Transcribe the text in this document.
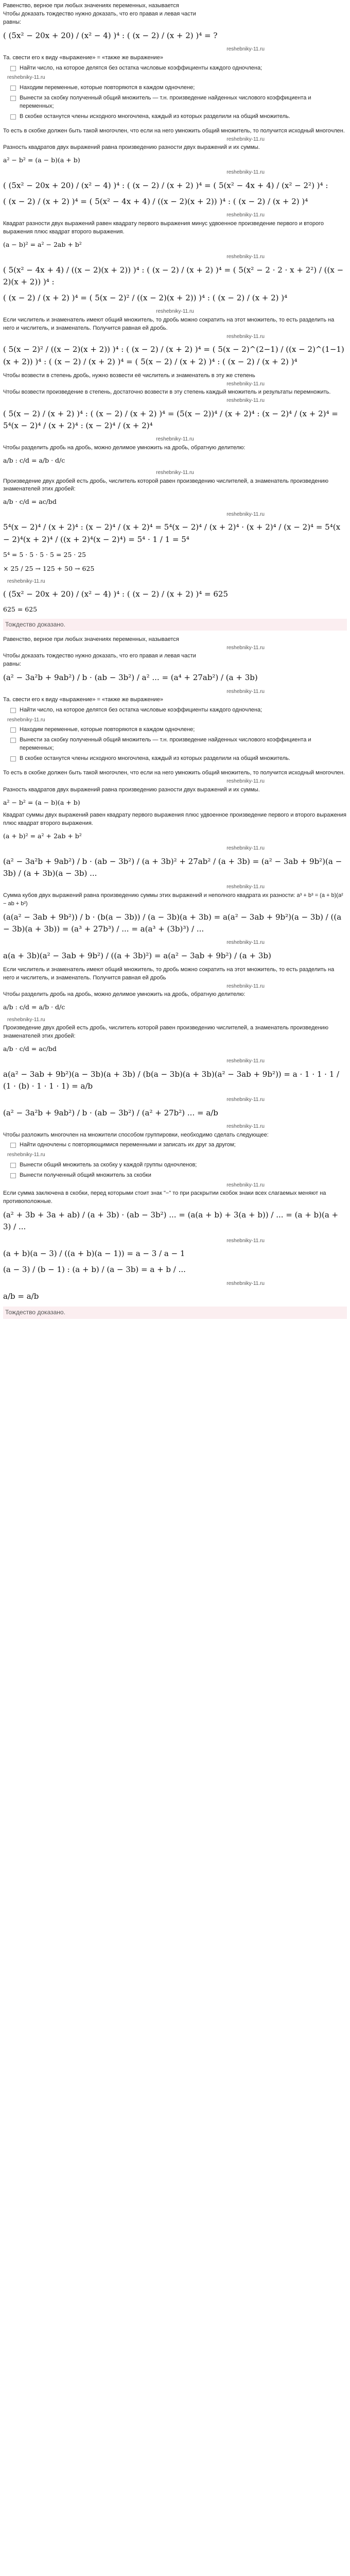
Равенство, верное при любых значениях переменных, называется
Чтобы доказать тождество нужно доказать, что его правая и левая части
равны:
( (5x² − 20x + 20) / (x² − 4) )⁴ : ( (x − 2) / (x + 2) )⁴ = ?
reshebniky-11.ru
Та. свести его к виду «выражение» = «также же выражение»
Найти число, на которое делятся без остатка числовые коэффициенты каждого одночлена;
reshebniky-11.ru
Находим переменные, которые повторяются в каждом одночлене;
Вынести за скобку полученный общий множитель — т.н. произведение найденных числового коэффициента и переменных;
В скобке останутся члены исходного многочлена, каждый из которых разделили на общий множитель.
То есть в скобке должен быть такой многочлен, что если на него умножить общий множитель, то получится исходный многочлен.
reshebniky-11.ru
Разность квадратов двух выражений равна произведению разности двух выражений и их суммы.
a² − b² = (a − b)(a + b)
reshebniky-11.ru
( (5x² − 20x + 20) / (x² − 4) )⁴ : ( (x − 2) / (x + 2) )⁴ = ( 5(x² − 4x + 4) / (x² − 2²) )⁴ :
( (x − 2) / (x + 2) )⁴ = ( 5(x² − 4x + 4) / ((x − 2)(x + 2)) )⁴ : ( (x − 2) / (x + 2) )⁴
reshebniky-11.ru
Квадрат разности двух выражений равен квадрату первого выражения минус удвоенное произведение первого и второго выражения плюс квадрат второго выражения.
(a − b)² = a² − 2ab + b²
reshebniky-11.ru
( 5(x² − 4x + 4) / ((x − 2)(x + 2)) )⁴ : ( (x − 2) / (x + 2) )⁴ = ( 5(x² − 2 · 2 · x + 2²) / ((x − 2)(x + 2)) )⁴ :
( (x − 2) / (x + 2) )⁴ = ( 5(x − 2)² / ((x − 2)(x + 2)) )⁴ : ( (x − 2) / (x + 2) )⁴
reshebniky-11.ru
Если числитель и знаменатель имеют общий множитель, то дробь можно сократить на этот множитель, то есть разделить на него и числитель, и знаменатель. Получится равная ей дробь.
reshebniky-11.ru
( 5(x − 2)² / ((x − 2)(x + 2)) )⁴ : ( (x − 2) / (x + 2) )⁴ = ( 5(x − 2)^(2−1) / ((x − 2)^(1−1)(x + 2)) )⁴ : ( (x − 2) / (x + 2) )⁴ = ( 5(x − 2) / (x + 2) )⁴ : ( (x − 2) / (x + 2) )⁴
Чтобы возвести в степень дробь, нужно возвести её числитель и знаменатель в эту же степень
reshebniky-11.ru
Чтобы возвести произведение в степень, достаточно возвести в эту степень каждый множитель и результаты перемножить.
reshebniky-11.ru
( 5(x − 2) / (x + 2) )⁴ : ( (x − 2) / (x + 2) )⁴ = (5(x − 2))⁴ / (x + 2)⁴ : (x − 2)⁴ / (x + 2)⁴ = 5⁴(x − 2)⁴ / (x + 2)⁴ : (x − 2)⁴ / (x + 2)⁴
reshebniky-11.ru
Чтобы разделить дробь на дробь, можно делимое умножить на дробь, обратную делителю:
a/b : c/d = a/b · d/c
reshebniky-11.ru
Произведение двух дробей есть дробь, числитель которой равен произведению числителей, а знаменатель произведению знаменателей этих дробей:
a/b · c/d = ac/bd
reshebniky-11.ru
5⁴(x − 2)⁴ / (x + 2)⁴ : (x − 2)⁴ / (x + 2)⁴ = 5⁴(x − 2)⁴ / (x + 2)⁴ · (x + 2)⁴ / (x − 2)⁴ = 5⁴(x − 2)⁴(x + 2)⁴ / ((x + 2)⁴(x − 2)⁴) = 5⁴ · 1 / 1 = 5⁴
5⁴ = 5 · 5 · 5 · 5 = 25 · 25
× 25 / 25 → 125 + 50 → 625
reshebniky-11.ru
( (5x² − 20x + 20) / (x² − 4) )⁴ : ( (x − 2) / (x + 2) )⁴ = 625
625 = 625
Тождество доказано.
Равенство, верное при любых значениях переменных, называется
reshebniky-11.ru
Чтобы доказать тождество нужно доказать, что его правая и левая части
равны:
(a² − 3a²b + 9ab²) / b · (ab − 3b²) / a² ... = (a⁴ + 27ab²) / (a + 3b)
reshebniky-11.ru
Та. свести его к виду «выражение» = «также же выражение»
Найти число, на которое делятся без остатка числовые коэффициенты каждого одночлена;
reshebniky-11.ru
Находим переменные, которые повторяются в каждом одночлене;
Вынести за скобку полученный общий множитель — т.н. произведение найденных числового коэффициента и переменных;
В скобке останутся члены исходного многочлена, каждый из которых разделили на общий множитель.
То есть в скобке должен быть такой многочлен, что если на него умножить общий множитель, то получится исходный многочлен.
reshebniky-11.ru
Разность квадратов двух выражений равна произведению разности двух выражений и их суммы.
a² − b² = (a − b)(a + b)
Квадрат суммы двух выражений равен квадрату первого выражения плюс удвоенное произведение первого и второго выражения плюс квадрат второго выражения.
(a + b)² = a² + 2ab + b²
reshebniky-11.ru
(a² − 3a²b + 9ab²) / b · (ab − 3b²) / (a + 3b)² + 27ab² / (a + 3b) = (a² − 3ab + 9b²)(a − 3b) / (a + 3b)(a − 3b) ...
reshebniky-11.ru
Сумма кубов двух выражений равна произведению суммы этих выражений и неполного квадрата их разности: a³ + b³ = (a + b)(a² − ab + b²)
(a(a² − 3ab + 9b²)) / b · (b(a − 3b)) / (a − 3b)(a + 3b) = a(a² − 3ab + 9b²)(a − 3b) / ((a − 3b)(a + 3b)) = (a³ + 27b³) / ... = a(a³ + (3b)³) / ...
reshebniky-11.ru
a(a + 3b)(a² − 3ab + 9b²) / ((a + 3b)²) = a(a² − 3ab + 9b²) / (a + 3b)
Если числитель и знаменатель имеют общий множитель, то дробь можно сократить на этот множитель, то есть разделить на него и числитель, и знаменатель. Получится равная ей дробь
reshebniky-11.ru
Чтобы разделить дробь на дробь, можно делимое умножить на дробь, обратную делителю:
a/b : c/d = a/b · d/c
reshebniky-11.ru
Произведение двух дробей есть дробь, числитель которой равен произведению числителей, а знаменатель произведению знаменателей этих дробей:
a/b · c/d = ac/bd
reshebniky-11.ru
a(a² − 3ab + 9b²)(a − 3b)(a + 3b) / (b(a − 3b)(a + 3b)(a² − 3ab + 9b²)) = a · 1 · 1 · 1 / (1 · (b) · 1 · 1 · 1) = a/b
reshebniky-11.ru
(a² − 3a²b + 9ab²) / b · (ab − 3b²) / (a² + 27b²) ... = a/b
reshebniky-11.ru
Чтобы разложить многочлен на множители способом группировки, необходимо сделать следующее:
Найти одночлены с повторяющимися переменными и записать их друг за другом;
reshebniky-11.ru
Вынести общий множитель за скобку у каждой группы одночленов;
Вынести полученный общий множитель за скобки
reshebniky-11.ru
Если сумма заключена в скобки, перед которыми стоит знак "−" то при раскрытии скобок знаки всех слагаемых меняют на противоположные.
(a² + 3b + 3a + ab) / (a + 3b) · (ab − 3b²) ... = (a(a + b) + 3(a + b)) / ... = (a + b)(a + 3) / ...
reshebniky-11.ru
(a + b)(a − 3) / ((a + b)(a − 1)) = a − 3 / a − 1
(a − 3) / (b − 1) : (a + b) / (a − 3b) = a + b / ...
reshebniky-11.ru
a/b = a/b
Тождество доказано.
